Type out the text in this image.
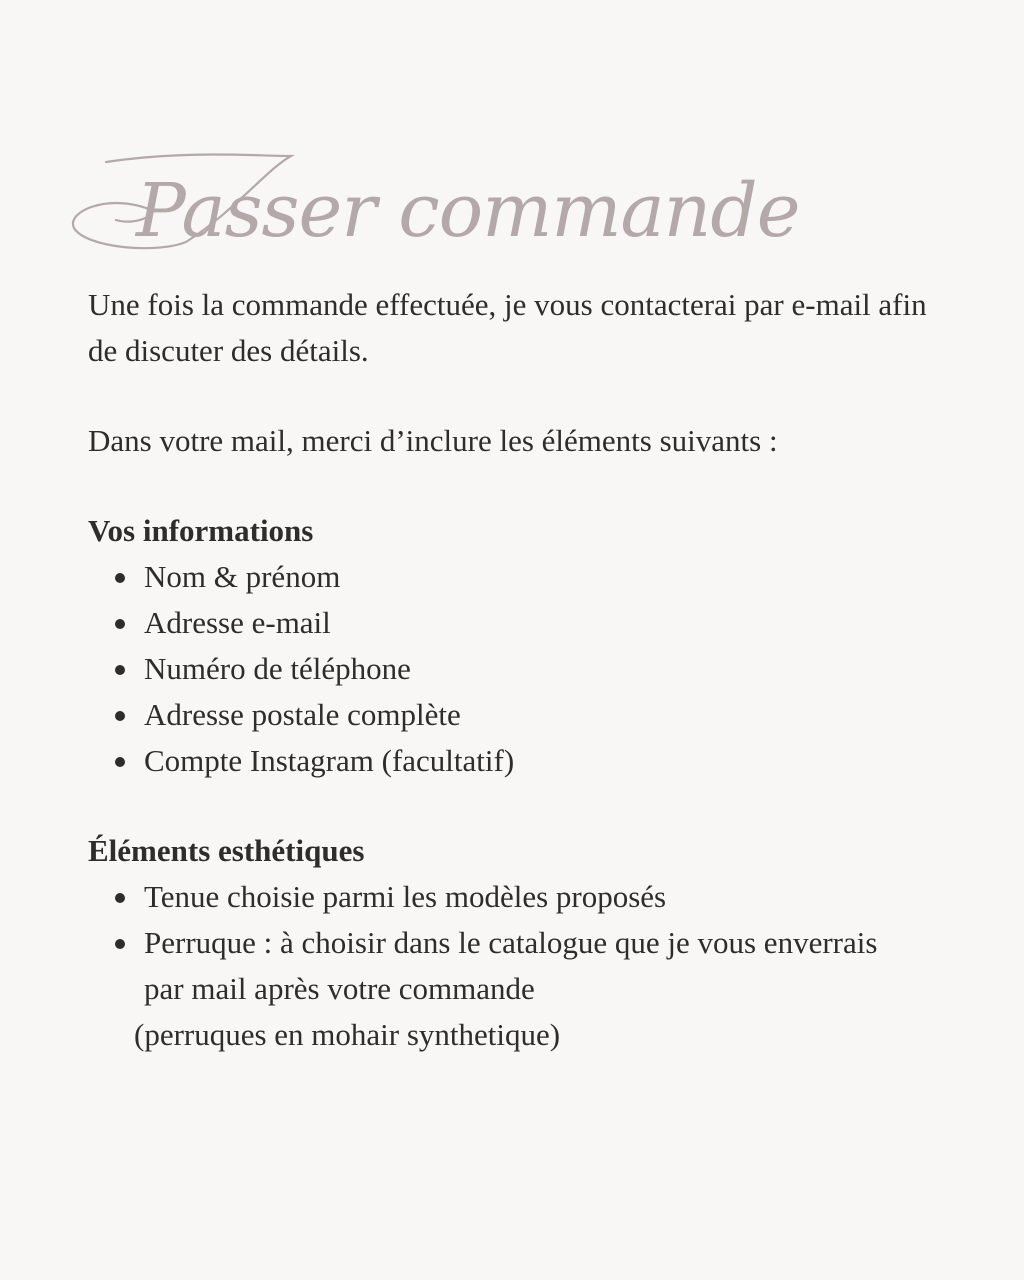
Passer commande

Une fois la commande effectuée, je vous contacterai par e-mail afin de discuter des détails.

Dans votre mail, merci d’inclure les éléments suivants :

Vos informations

Nom & prénom
Adresse e-mail
Numéro de téléphone
Adresse postale complète
Compte Instagram (facultatif)

Éléments esthétiques

Tenue choisie parmi les modèles proposés
Perruque : à choisir dans le catalogue que je vous enverrais par mail après votre commande
(perruques en mohair synthetique)
